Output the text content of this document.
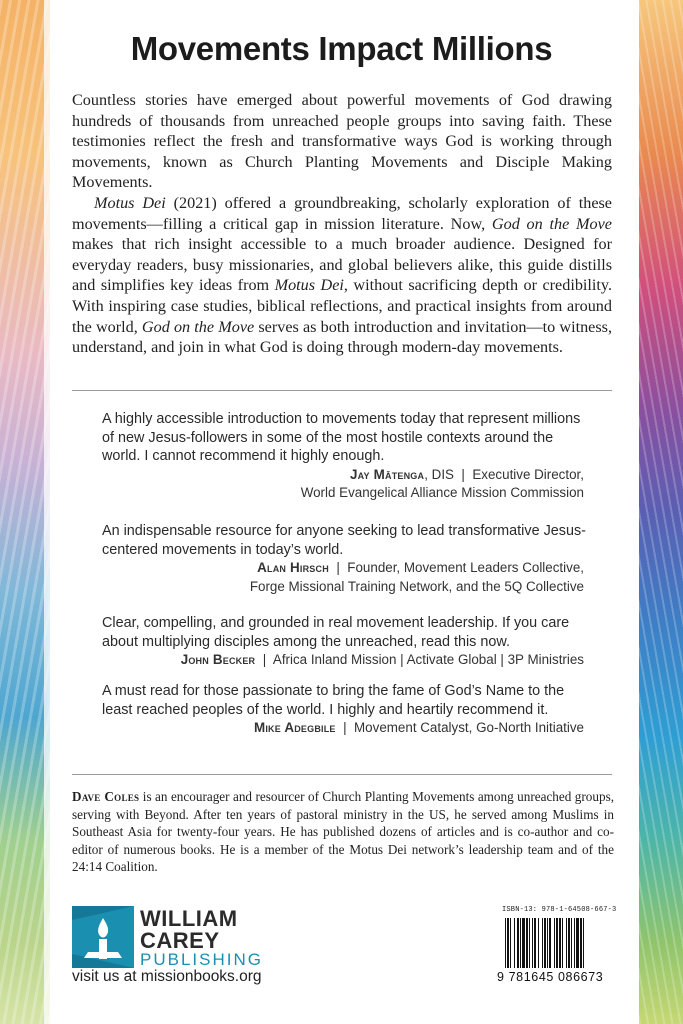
Movements Impact Millions

Countless stories have emerged about powerful movements of God drawing hundreds of thousands from unreached people groups into saving faith. These testimonies reflect the fresh and transformative ways God is working through movements, known as Church Planting Movements and Disciple Making Movements.

Motus Dei (2021) offered a groundbreaking, scholarly exploration of these movements—filling a critical gap in mission literature. Now, God on the Move makes that rich insight accessible to a much broader audience. Designed for everyday readers, busy missionaries, and global believers alike, this guide distills and simplifies key ideas from Motus Dei, without sacrificing depth or credibility. With inspiring case studies, biblical reflections, and practical insights from around the world, God on the Move serves as both introduction and invitation—to witness, understand, and join in what God is doing through modern-day movements.

A highly accessible introduction to movements today that represent millions of new Jesus-followers in some of the most hostile contexts around the world. I cannot recommend it highly enough.

Jay Mātenga, DIS | Executive Director,
World Evangelical Alliance Mission Commission

An indispensable resource for anyone seeking to lead transformative Jesus-centered movements in today’s world.

Alan Hirsch | Founder, Movement Leaders Collective,
Forge Missional Training Network, and the 5Q Collective

Clear, compelling, and grounded in real movement leadership. If you care about multiplying disciples among the unreached, read this now.

John Becker | Africa Inland Mission | Activate Global | 3P Ministries

A must read for those passionate to bring the fame of God’s Name to the least reached peoples of the world. I highly and heartily recommend it.

Mike Adegbile | Movement Catalyst, Go-North Initiative

Dave Coles is an encourager and resourcer of Church Planting Movements among unreached groups, serving with Beyond. After ten years of pastoral ministry in the US, he served among Muslims in Southeast Asia for twenty-four years. He has published dozens of articles and is co-author and co-editor of numerous books. He is a member of the Motus Dei network’s leadership team and of the 24:14 Coalition.
WILLIAM
CAREY
PUBLISHING
visit us at missionbooks.org
ISBN-13: 978-1-64508-667-3
9 781645 086673
